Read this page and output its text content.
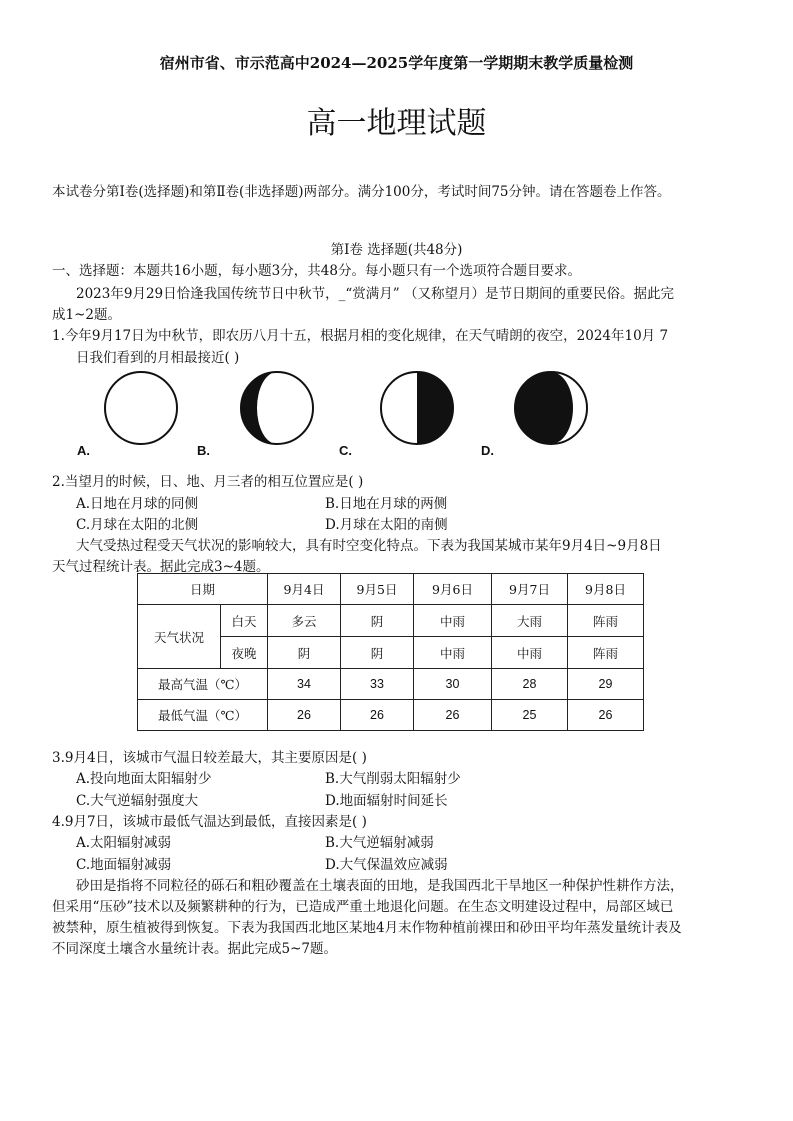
宿州市省、市示范高中2024—2025学年度第一学期期末教学质量检测
高一地理试题
本试卷分第Ⅰ卷(选择题)和第Ⅱ卷(非选择题)两部分。满分100分，考试时间75分钟。请在答题卷上作答。
第Ⅰ卷 选择题(共48分)
一、选择题：本题共16小题，每小题3分，共48分。每小题只有一个选项符合题目要求。
2023年9月29日恰逢我国传统节日中秋节，_“赏满月” （又称望月）是节日期间的重要民俗。据此完
成1~2题。
1.今年9月17日为中秋节，即农历八月十五，根据月相的变化规律，在天气晴朗的夜空，2024年10月 7
日我们看到的月相最接近( )
A.	B.	C.	D.
2.当望月的时候，日、地、月三者的相互位置应是( )
A.日地在月球的同侧	B.日地在月球的两侧
C.月球在太阳的北侧	D.月球在太阳的南侧
大气受热过程受天气状况的影响较大，具有时空变化特点。下表为我国某城市某年9月4日~9月8日
天气过程统计表。据此完成3~4题。
日期		9月4日	9月5日	9月6日	9月7日	9月8日
天气状况	白天	多云	阴	中雨	大雨	阵雨
	夜晚	阴	阴	中雨	中雨	阵雨
最高气温（℃）		34	33	30	28	29
最低气温（℃）		26	26	26	25	26
3.9月4日，该城市气温日较差最大，其主要原因是( )
A.投向地面太阳辐射少	B.大气削弱太阳辐射少
C.大气逆辐射强度大	D.地面辐射时间延长
4.9月7日，该城市最低气温达到最低，直接因素是( )
A.太阳辐射减弱	B.大气逆辐射减弱
C.地面辐射减弱	D.大气保温效应减弱
砂田是指将不同粒径的砾石和粗砂覆盖在土壤表面的田地，是我国西北干旱地区一种保护性耕作方法，
但采用“压砂”技术以及频繁耕种的行为，已造成严重土地退化问题。在生态文明建设过程中，局部区域已
被禁种，原生植被得到恢复。下表为我国西北地区某地4月末作物种植前裸田和砂田平均年蒸发量统计表及
不同深度土壤含水量统计表。据此完成5~7题。
